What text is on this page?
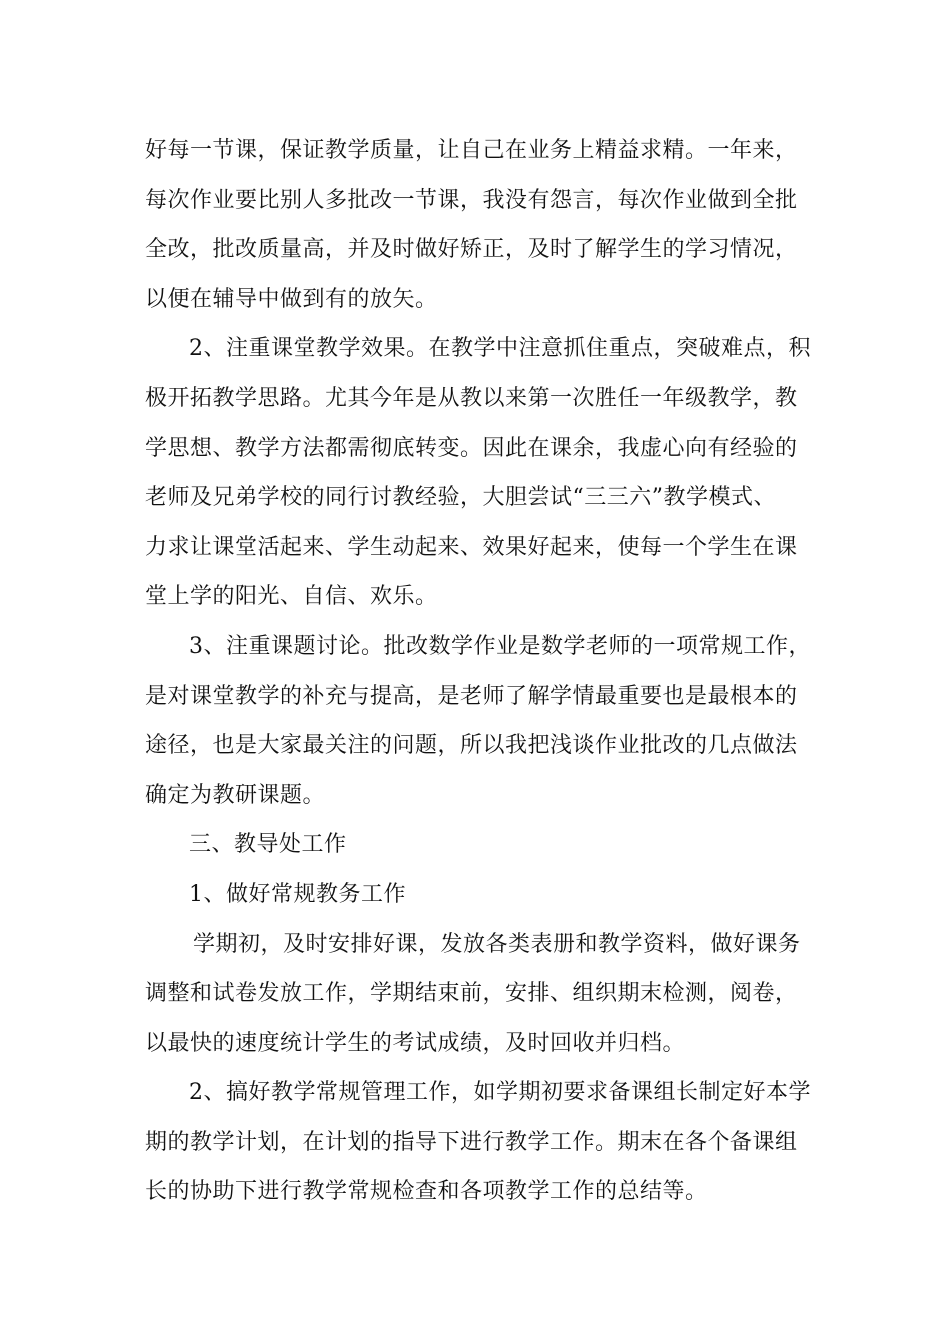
好每一节课，保证教学质量，让自己在业务上精益求精。一年来，
每次作业要比别人多批改一节课，我没有怨言，每次作业做到全批
全改，批改质量高，并及时做好矫正，及时了解学生的学习情况，
以便在辅导中做到有的放矢。
2、注重课堂教学效果。在教学中注意抓住重点，突破难点，积
极开拓教学思路。尤其今年是从教以来第一次胜任一年级教学，教
学思想、教学方法都需彻底转变。因此在课余，我虚心向有经验的
老师及兄弟学校的同行讨教经验，大胆尝试“三三六”教学模式、
力求让课堂活起来、学生动起来、效果好起来，使每一个学生在课
堂上学的阳光、自信、欢乐。
3、注重课题讨论。批改数学作业是数学老师的一项常规工作，
是对课堂教学的补充与提高，是老师了解学情最重要也是最根本的
途径，也是大家最关注的问题，所以我把浅谈作业批改的几点做法
确定为教研课题。
三、教导处工作
1、做好常规教务工作
学期初，及时安排好课，发放各类表册和教学资料，做好课务
调整和试卷发放工作，学期结束前，安排、组织期末检测，阅卷，
以最快的速度统计学生的考试成绩，及时回收并归档。
2、搞好教学常规管理工作，如学期初要求备课组长制定好本学
期的教学计划，在计划的指导下进行教学工作。期末在各个备课组
长的协助下进行教学常规检查和各项教学工作的总结等。
